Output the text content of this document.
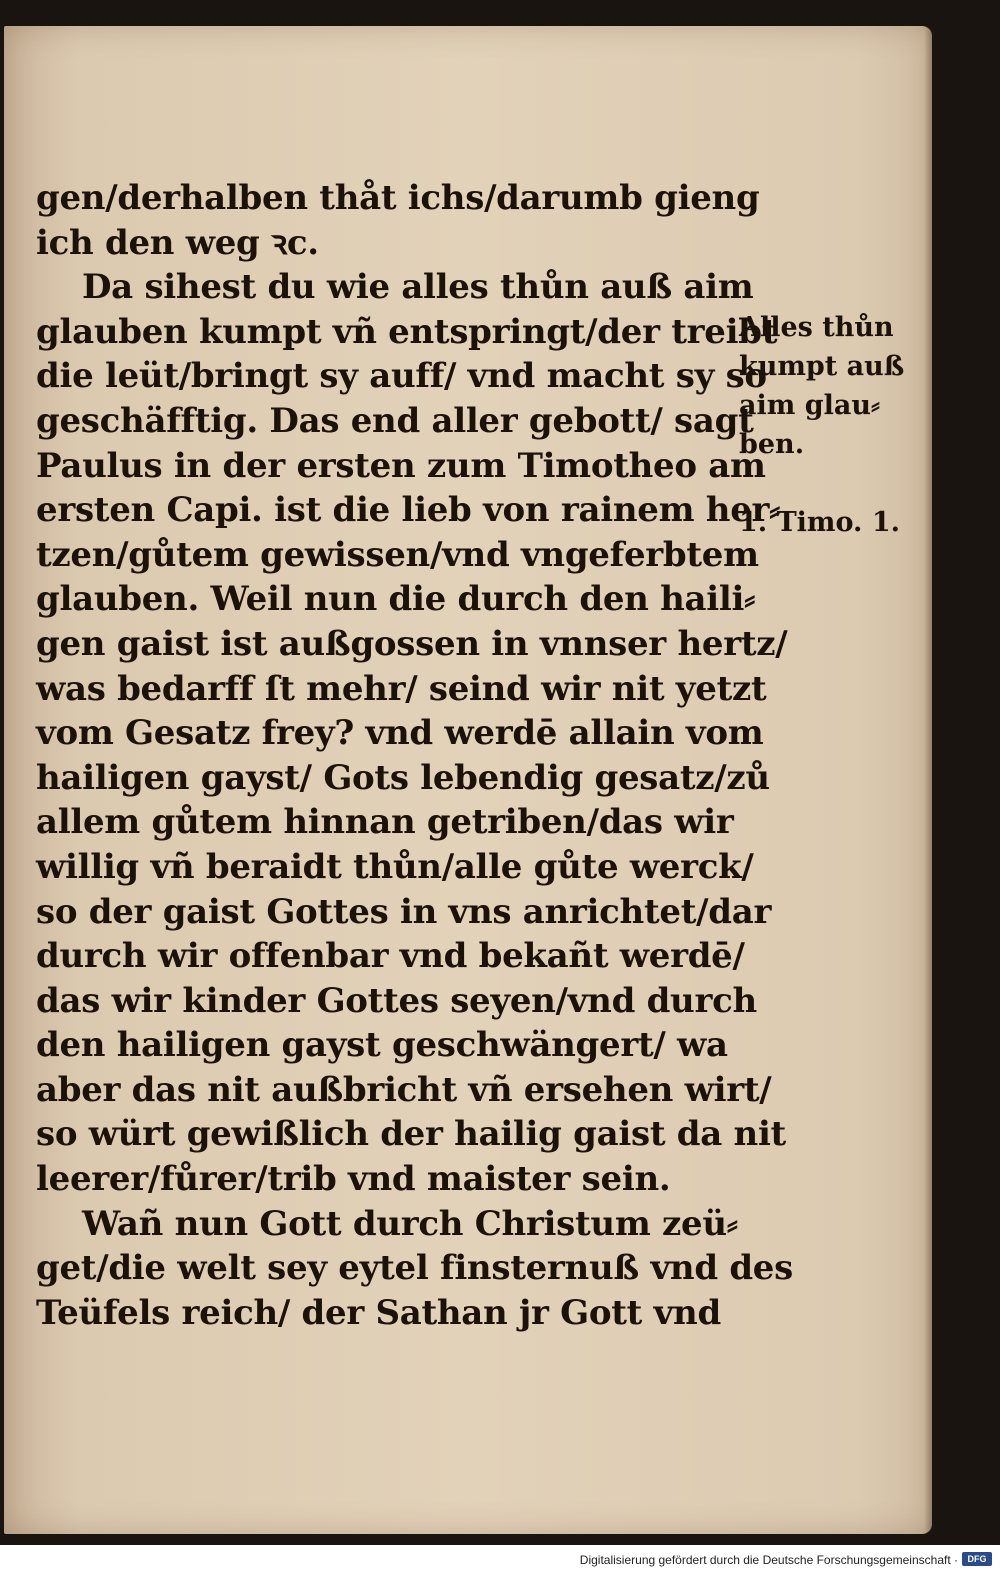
gen/derhalben thåt ichs/darumb gieng
ich den weg ꝛc.
Da sihest du wie alles thůn auß aim
glauben kumpt vñ entspringt/der treibt
die leüt/bringt sy auff/ vnd macht sy so
geschäfftig. Das end aller gebott/ sagt
Paulus in der ersten zum Timotheo am
ersten Capi. ist die lieb von rainem her⸗
tzen/gůtem gewissen/vnd vngeferbtem
glauben. Weil nun die durch den haili⸗
gen gaist ist außgossen in vnnser hertz/
was bedarff ſt mehr/ seind wir nit yetzt
vom Gesatz frey? vnd werdē allain vom
hailigen gayst/ Gots lebendig gesatz/zů
allem gůtem hinnan getriben/das wir
willig vñ beraidt thůn/alle gůte werck/
so der gaist Gottes in vns anrichtet/dar
durch wir offenbar vnd bekañt werdē/
das wir kinder Gottes seyen/vnd durch
den hailigen gayst geschwängert/ wa
aber das nit außbricht vñ ersehen wirt/
so würt gewißlich der hailig gaist da nit
leerer/fůrer/trib vnd maister sein.
Wañ nun Gott durch Christum zeü⸗
get/die welt sey eytel finsternuß vnd des
Teüfels reich/ der Sathan jr Gott vnd
Alles thůn
kumpt auß
aim glau⸗
ben.
1. Timo. 1.
Digitalisierung gefördert durch die Deutsche Forschungsgemeinschaft ·	DFG
